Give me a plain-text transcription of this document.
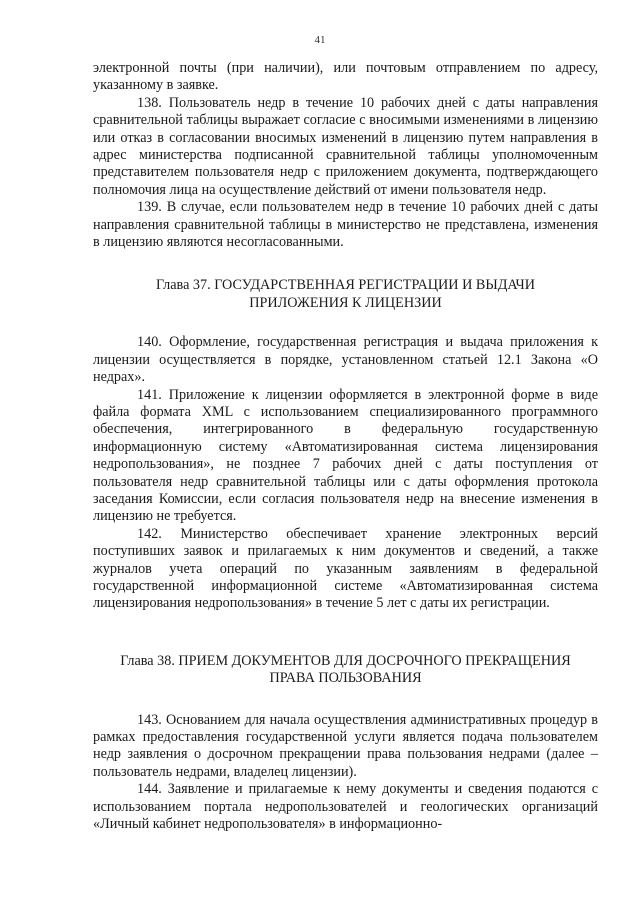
41

электронной почты (при наличии), или почтовым отправлением по адресу, указанному в заявке.

138. Пользователь недр в течение 10 рабочих дней с даты направления сравнительной таблицы выражает согласие с вносимыми изменениями в лицензию или отказ в согласовании вносимых изменений в лицензию путем направления в адрес министерства подписанной сравнительной таблицы уполномоченным представителем пользователя недр с приложением документа, подтверждающего полномочия лица на осуществление действий от имени пользователя недр.

139. В случае, если пользователем недр в течение 10 рабочих дней с даты направления сравнительной таблицы в министерство не представлена, изменения в лицензию являются несогласованными.

Глава 37. ГОСУДАРСТВЕННАЯ РЕГИСТРАЦИИ И ВЫДАЧИ

ПРИЛОЖЕНИЯ К ЛИЦЕНЗИИ

140. Оформление, государственная регистрация и выдача приложения к лицензии осуществляется в порядке, установленном статьей 12.1 Закона «О недрах».

141. Приложение к лицензии оформляется в электронной форме в виде файла формата XML с использованием специализированного программного обеспечения, интегрированного в федеральную государственную информационную систему «Автоматизированная система лицензирования недропользования», не позднее 7 рабочих дней с даты поступления от пользователя недр сравнительной таблицы или с даты оформления протокола заседания Комиссии, если согласия пользователя недр на внесение изменения в лицензию не требуется.

142. Министерство обеспечивает хранение электронных версий поступивших заявок и прилагаемых к ним документов и сведений, а также журналов учета операций по указанным заявлениям в федеральной государственной информационной системе «Автоматизированная система лицензирования недропользования» в течение 5 лет с даты их регистрации.

Глава 38. ПРИЕМ ДОКУМЕНТОВ ДЛЯ ДОСРОЧНОГО ПРЕКРАЩЕНИЯ

ПРАВА ПОЛЬЗОВАНИЯ

143. Основанием для начала осуществления административных процедур в рамках предоставления государственной услуги является подача пользователем недр заявления о досрочном прекращении права пользования недрами (далее – пользователь недрами, владелец лицензии).

144. Заявление и прилагаемые к нему документы и сведения подаются с использованием портала недропользователей и геологических организаций «Личный кабинет недропользователя» в информационно-
